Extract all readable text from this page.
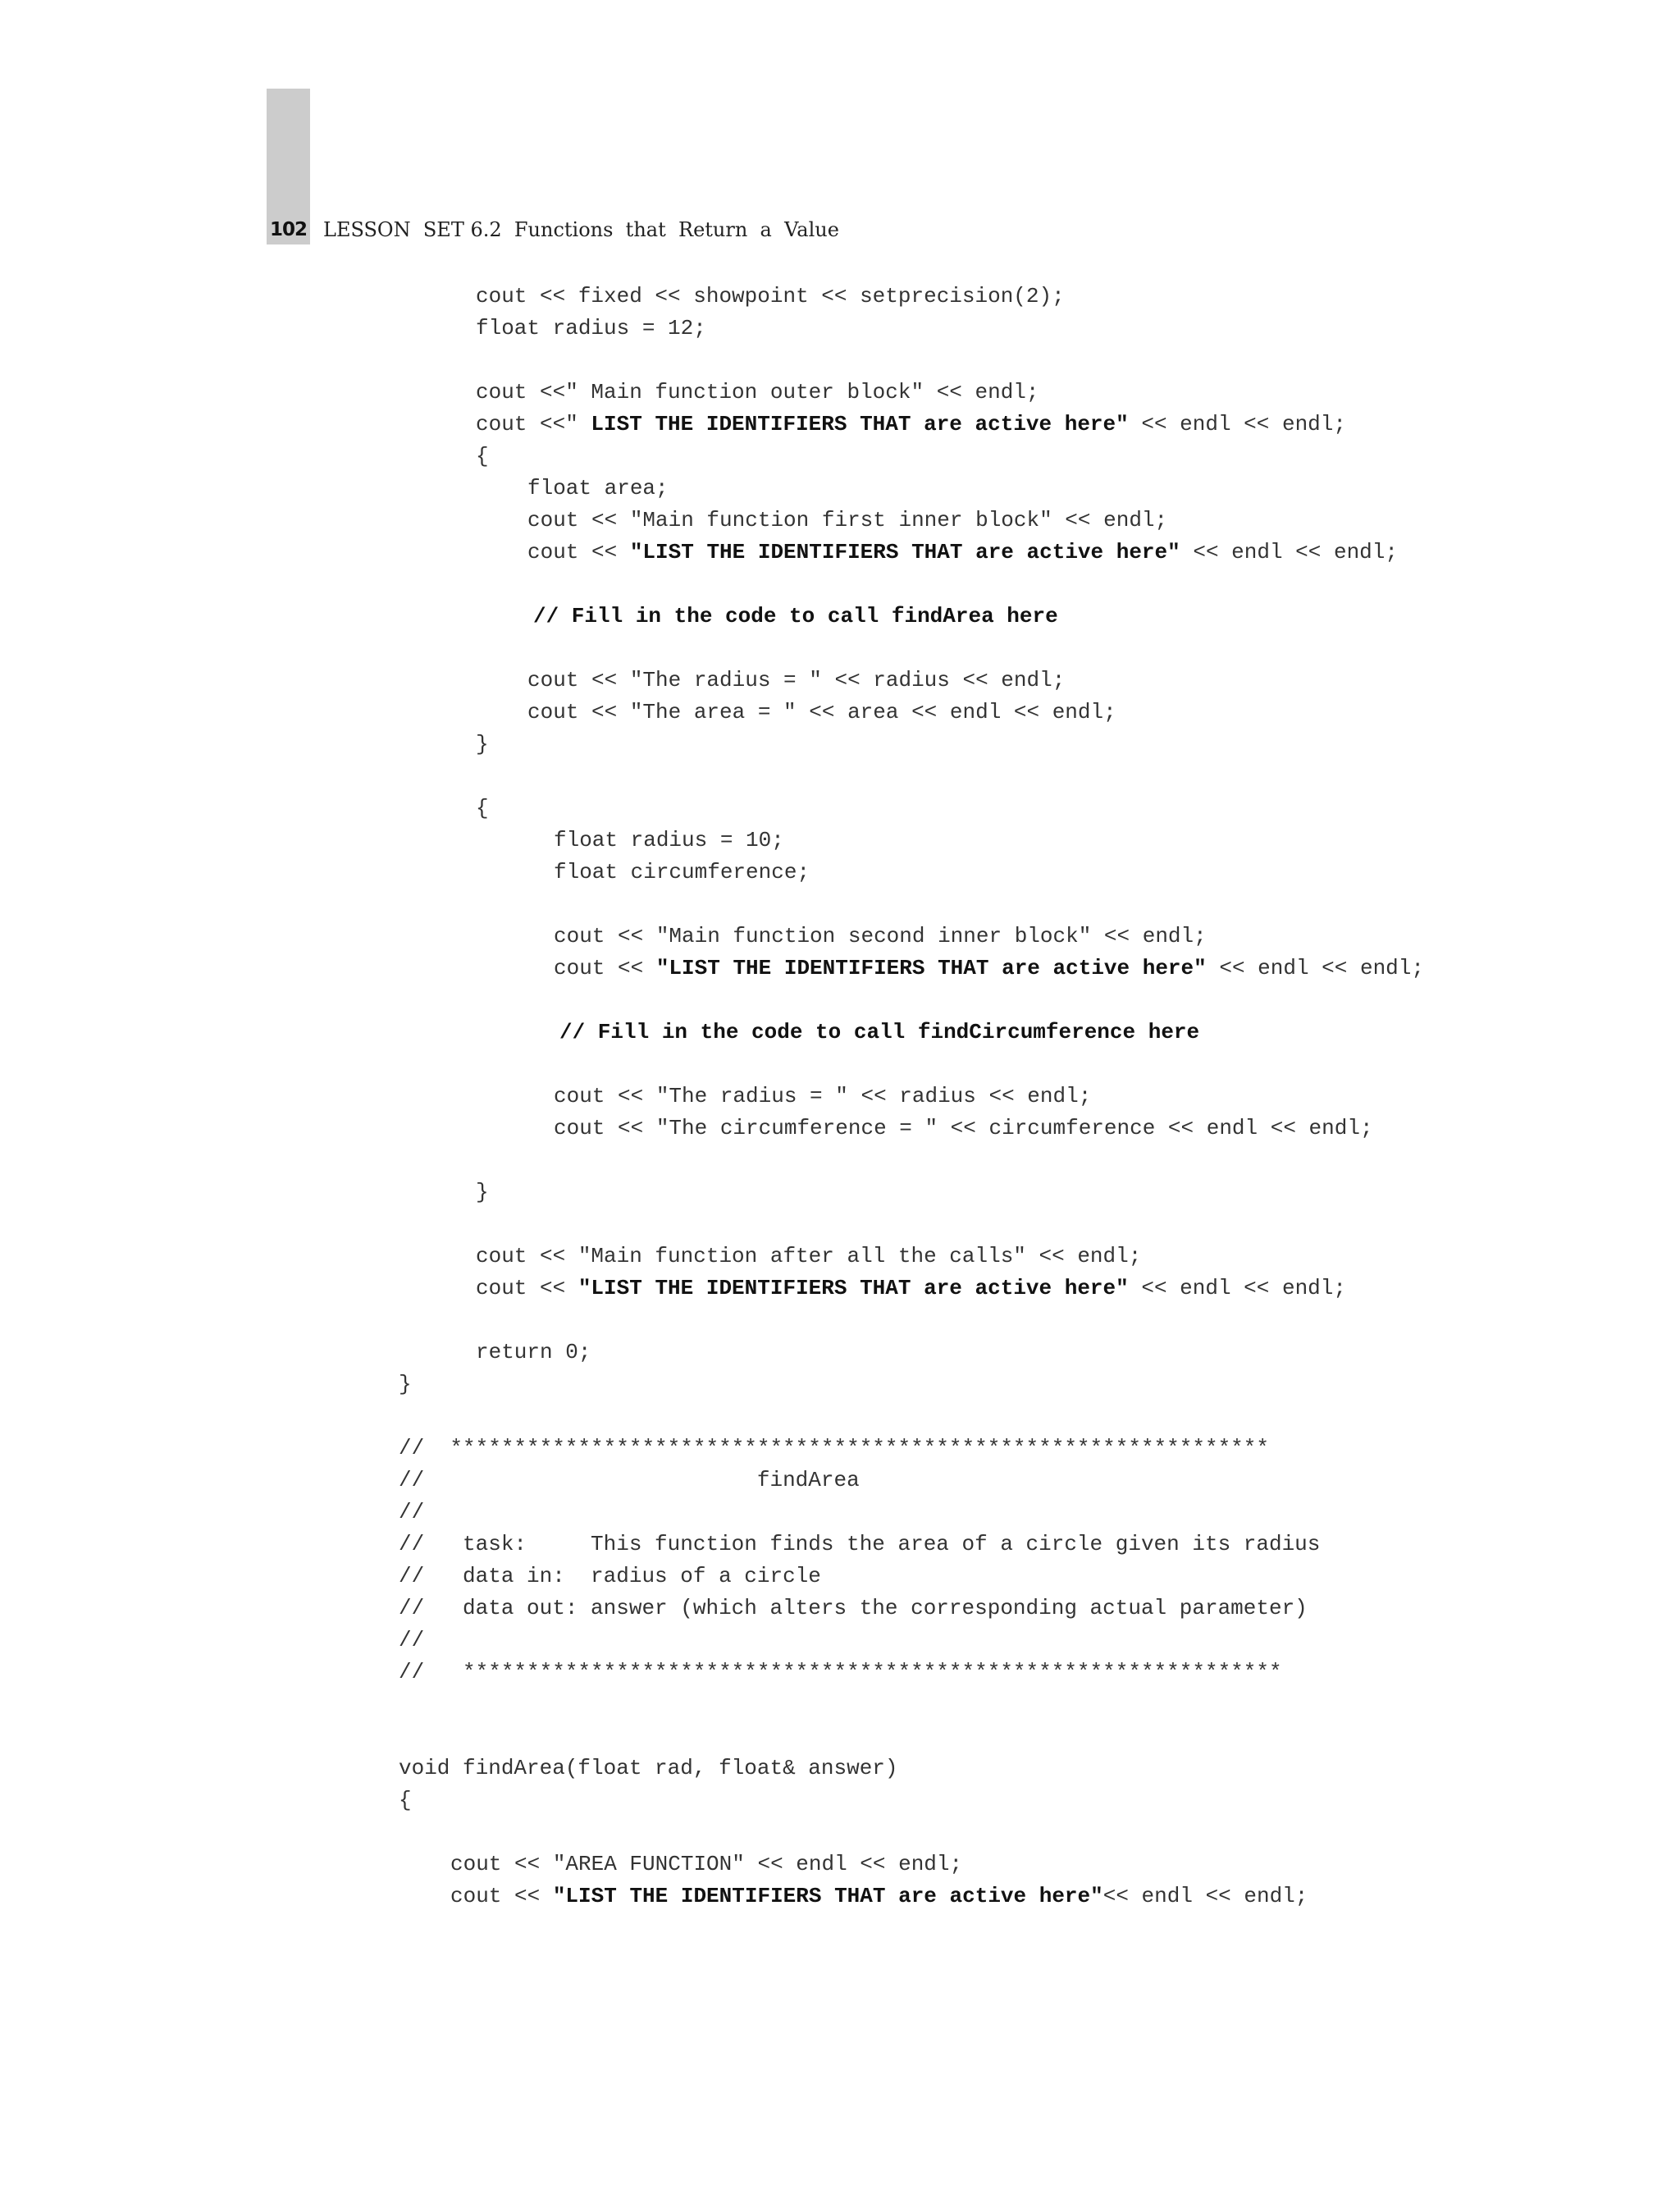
102 LESSON  SET 6.2  Functions  that  Return  a  Value
cout << fixed << showpoint << setprecision(2);
float radius = 12;
cout <<" Main function outer block" << endl;
cout <<" LIST THE IDENTIFIERS THAT are active here" << endl << endl;
{
float area;
cout << "Main function first inner block" << endl;
cout << "LIST THE IDENTIFIERS THAT are active here" << endl << endl;
// Fill in the code to call findArea here
cout << "The radius = " << radius << endl;
cout << "The area = " << area << endl << endl;
}
{
float radius = 10;
float circumference;
cout << "Main function second inner block" << endl;
cout << "LIST THE IDENTIFIERS THAT are active here" << endl << endl;
// Fill in the code to call findCircumference here
cout << "The radius = " << radius << endl;
cout << "The circumference = " << circumference << endl << endl;
}
cout << "Main function after all the calls" << endl;
cout << "LIST THE IDENTIFIERS THAT are active here" << endl << endl;
return 0;
}
//  ****************************************************************
//                          findArea
//
//   task:     This function finds the area of a circle given its radius
//   data in:  radius of a circle
//   data out: answer (which alters the corresponding actual parameter)
//
//   ****************************************************************
void findArea(float rad, float& answer)
{
cout << "AREA FUNCTION" << endl << endl;
cout << "LIST THE IDENTIFIERS THAT are active here"<< endl << endl;
